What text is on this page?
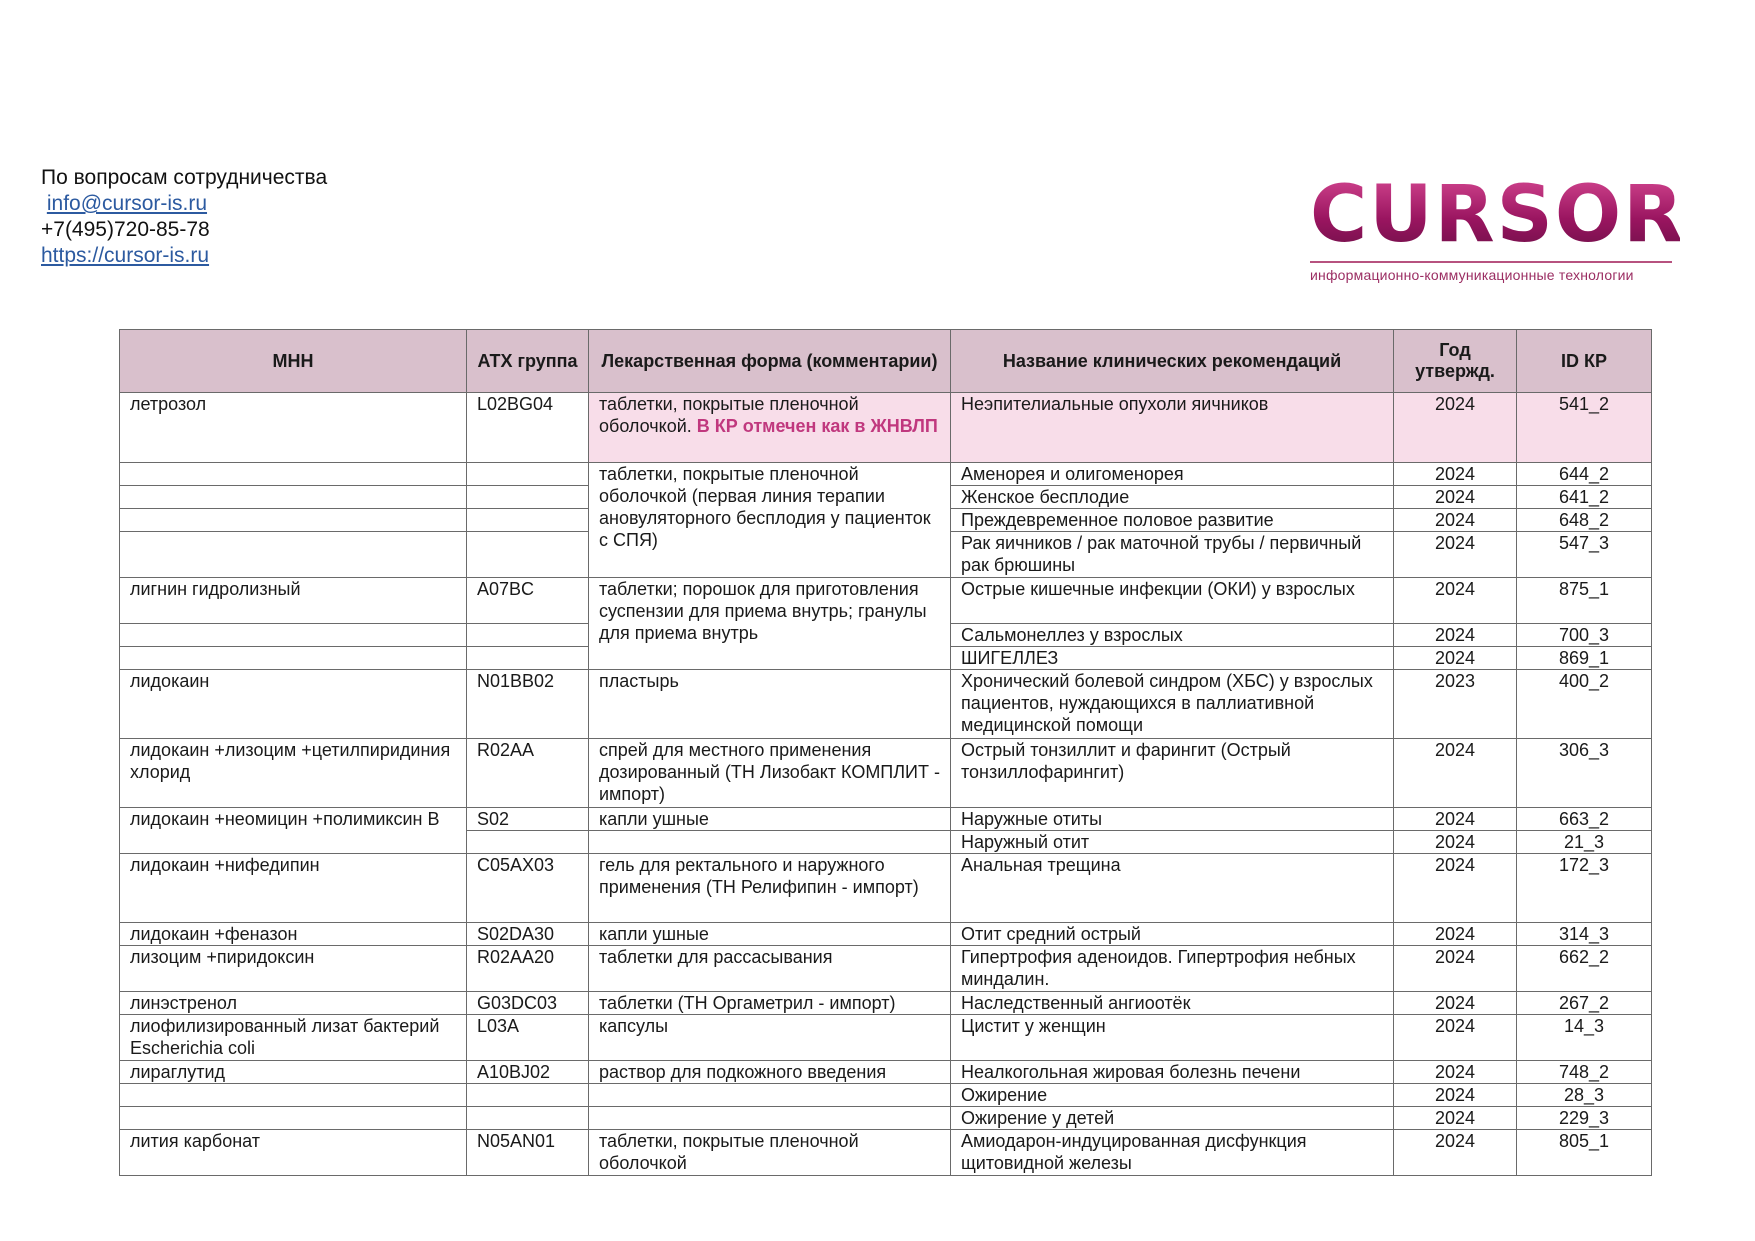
По вопросам сотрудничества
info@cursor-is.ru
+7(495)720-85-78
https://cursor-is.ru	CURSOR
информационно-коммуникационные технологии
МНН	АТХ группа	Лекарственная форма (комментарии)	Название клинических рекомендаций	Год утвержд.	ID КР
летрозол	L02BG04	таблетки, покрытые пленочной оболочкой. В КР отмечен как в ЖНВЛП	Неэпителиальные опухоли яичников	2024	541_2
		таблетки, покрытые пленочной оболочкой (первая линия терапии ановуляторного бесплодия у пациенток с СПЯ)	Аменорея и олигоменорея	2024	644_2
			Женское бесплодие	2024	641_2
			Преждевременное половое развитие	2024	648_2
			Рак яичников / рак маточной трубы / первичный рак брюшины	2024	547_3
лигнин гидролизный	A07BC	таблетки; порошок для приготовления суспензии для приема внутрь; гранулы для приема внутрь	Острые кишечные инфекции (ОКИ) у взрослых	2024	875_1
			Сальмонеллез у взрослых	2024	700_3
			ШИГЕЛЛЕЗ	2024	869_1
лидокаин	N01BB02	пластырь	Хронический болевой синдром (ХБС) у взрослых пациентов, нуждающихся в паллиативной медицинской помощи	2023	400_2
лидокаин +лизоцим +цетилпиридиния хлорид	R02AA	спрей для местного применения дозированный (ТН Лизобакт КОМПЛИТ - импорт)	Острый тонзиллит и фарингит (Острый тонзиллофарингит)	2024	306_3
лидокаин +неомицин +полимиксин В	S02	капли ушные	Наружные отиты	2024	663_2
			Наружный отит	2024	21_3
лидокаин +нифедипин	C05AX03	гель для ректального и наружного применения (ТН Релифипин - импорт)	Анальная трещина	2024	172_3
лидокаин +феназон	S02DA30	капли ушные	Отит средний острый	2024	314_3
лизоцим +пиридоксин	R02AA20	таблетки для рассасывания	Гипертрофия аденоидов. Гипертрофия небных миндалин.	2024	662_2
линэстренол	G03DC03	таблетки (ТН Оргаметрил - импорт)	Наследственный ангиоотёк	2024	267_2
лиофилизированный лизат бактерий Escherichia coli	L03A	капсулы	Цистит у женщин	2024	14_3
лираглутид	A10BJ02	раствор для подкожного введения	Неалкогольная жировая болезнь печени	2024	748_2
			Ожирение	2024	28_3
			Ожирение у детей	2024	229_3
лития карбонат	N05AN01	таблетки, покрытые пленочной оболочкой	Амиодарон-индуцированная дисфункция щитовидной железы	2024	805_1
